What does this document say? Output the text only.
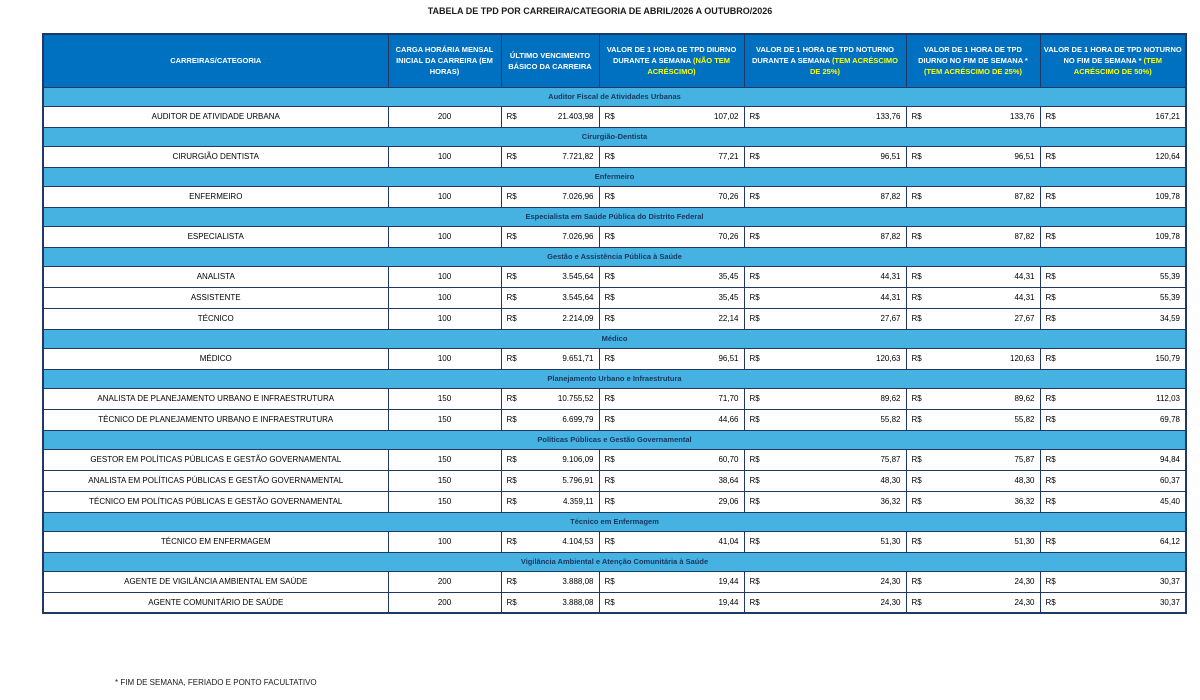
TABELA DE TPD POR CARREIRA/CATEGORIA DE ABRIL/2026 A OUTUBRO/2026
CARREIRAS/CATEGORIA	CARGA HORÁRIA MENSAL INICIAL DA CARREIRA (EM HORAS)	ÚLTIMO VENCIMENTO BÁSICO DA CARREIRA	VALOR DE 1 HORA DE TPD DIURNO DURANTE A SEMANA (NÃO TEM ACRÉSCIMO)	VALOR DE 1 HORA DE TPD NOTURNO DURANTE A SEMANA (TEM ACRÉSCIMO DE 25%)	VALOR DE 1 HORA DE TPD DIURNO NO FIM DE SEMANA * (TEM ACRÉSCIMO DE 25%)	VALOR DE 1 HORA DE TPD NOTURNO NO FIM DE SEMANA * (TEM ACRÉSCIMO DE 50%)
Auditor Fiscal de Atividades Urbanas						
AUDITOR DE ATIVIDADE URBANA	200	R$ 21.403,98	R$ 107,02	R$ 133,76	R$ 133,76	R$ 167,21

Cirurgião-Dentista						
CIRURGIÃO DENTISTA	100	R$ 7.721,82	R$ 77,21	R$ 96,51	R$ 96,51	R$ 120,64

Enfermeiro						
ENFERMEIRO	100	R$ 7.026,96	R$ 70,26	R$ 87,82	R$ 87,82	R$ 109,78

Especialista em Saúde Pública do Distrito Federal						
ESPECIALISTA	100	R$ 7.026,96	R$ 70,26	R$ 87,82	R$ 87,82	R$ 109,78

Gestão e Assistência Pública à Saúde						
ANALISTA	100	R$ 3.545,64	R$ 35,45	R$ 44,31	R$ 44,31	R$ 55,39

ASSISTENTE	100	R$ 3.545,64	R$ 35,45	R$ 44,31	R$ 44,31	R$ 55,39

TÉCNICO	100	R$ 2.214,09	R$ 22,14	R$ 27,67	R$ 27,67	R$ 34,59

Médico						
MÉDICO	100	R$ 9.651,71	R$ 96,51	R$ 120,63	R$ 120,63	R$ 150,79

Planejamento Urbano e Infraestrutura						
ANALISTA DE PLANEJAMENTO URBANO E INFRAESTRUTURA	150	R$ 10.755,52	R$ 71,70	R$ 89,62	R$ 89,62	R$ 112,03

TÉCNICO DE PLANEJAMENTO URBANO E INFRAESTRUTURA	150	R$ 6.699,79	R$ 44,66	R$ 55,82	R$ 55,82	R$ 69,78

Políticas Públicas e Gestão Governamental						
GESTOR EM POLÍTICAS PÚBLICAS E GESTÃO GOVERNAMENTAL	150	R$ 9.106,09	R$ 60,70	R$ 75,87	R$ 75,87	R$ 94,84

ANALISTA EM POLÍTICAS PÚBLICAS E GESTÃO GOVERNAMENTAL	150	R$ 5.796,91	R$ 38,64	R$ 48,30	R$ 48,30	R$ 60,37

TÉCNICO EM POLÍTICAS PÚBLICAS E GESTÃO GOVERNAMENTAL	150	R$ 4.359,11	R$ 29,06	R$ 36,32	R$ 36,32	R$ 45,40

Técnico em Enfermagem						
TÉCNICO EM ENFERMAGEM	100	R$ 4.104,53	R$ 41,04	R$ 51,30	R$ 51,30	R$ 64,12

Vigilância Ambiental e Atenção Comunitária à Saúde						
AGENTE DE VIGILÂNCIA AMBIENTAL EM SAÚDE	200	R$ 3.888,08	R$ 19,44	R$ 24,30	R$ 24,30	R$ 30,37

AGENTE COMUNITÁRIO DE SAÚDE	200	R$ 3.888,08	R$ 19,44	R$ 24,30	R$ 24,30	R$ 30,37
* FIM DE SEMANA, FERIADO E PONTO FACULTATIVO
